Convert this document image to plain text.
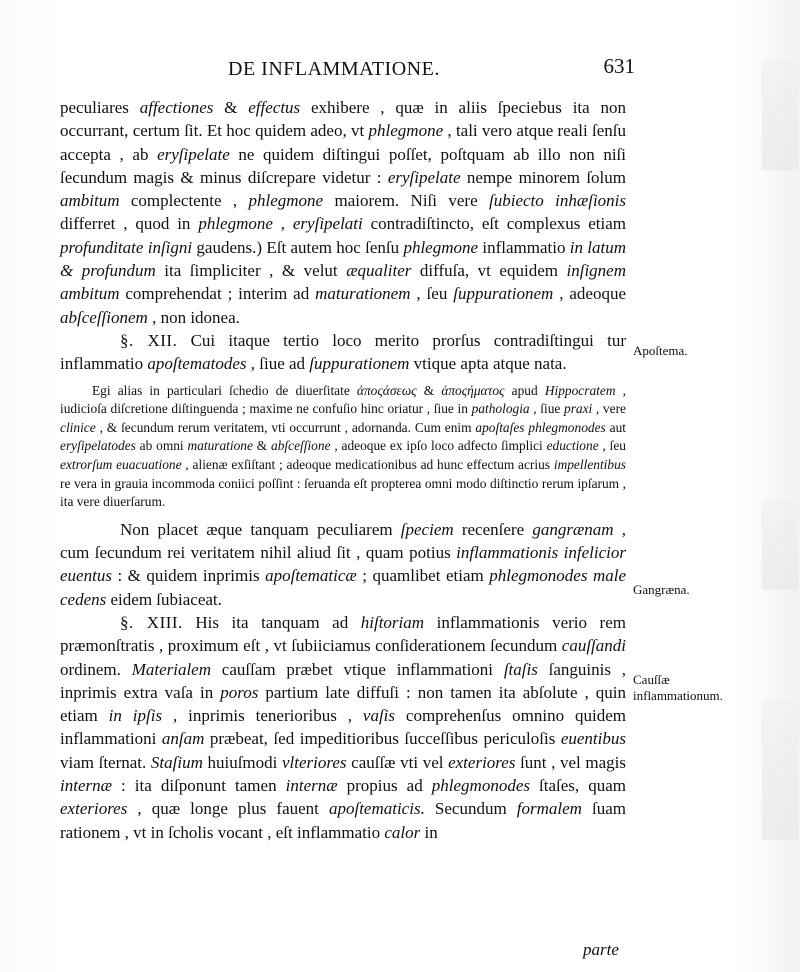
DE INFLAMMATIONE.	631

peculiares affectiones & effectus exhibere , quæ in aliis ſpeciebus ita non occurrant, certum ſit. Et hoc quidem adeo, vt phlegmone , tali vero atque reali ſenſu accepta , ab eryſipelate ne quidem diſtingui poſſet, poſtquam ab illo non niſi ſecundum magis & minus diſcrepare videtur : eryſipelate nempe minorem ſolum ambitum complectente , phlegmone maiorem. Niſi vere ſubiecto inhæſionis differret , quod in phlegmone , eryſipelati contradiſtincto, eſt complexus etiam profunditate inſigni gaudens.) Eſt autem hoc ſenſu phlegmone inflammatio in latum & profundum ita ſimpliciter , & velut æqualiter diffuſa, vt equidem inſignem ambitum comprehendat ; interim ad maturationem , ſeu ſuppurationem , adeoque abſceſſionem , non idonea.

§. XII. Cui itaque tertio loco merito prorſus contradiſtingui tur inflammatio apoſtematodes , ſiue ad ſuppurationem vtique apta atque nata.

Egi alias in particulari ſchedio de diuerſitate ἀποςάσεως & ἀποςήματος apud Hippocratem , iudicioſa diſcretione diſtinguenda ; maxime ne confuſio hinc oriatur , ſiue in pathologia , ſiue praxi , vere clinice , & ſecundum rerum veritatem, vti occurrunt , adornanda. Cum enim apoſtaſes phlegmonodes aut eryſipelatodes ab omni maturatione & abſceſſione , adeoque ex ipſo loco adfecto ſimplici eductione , ſeu extrorſum euacuatione , alienæ exſiſtant ; adeoque medicationibus ad hunc effectum acrius impellentibus re vera in grauia incommoda coniici poſſint : ſeruanda eſt propterea omni modo diſtinctio rerum ipſarum , ita vere diuerſarum.

Non placet æque tanquam peculiarem ſpeciem recenſere gangrænam , cum ſecundum rei veritatem nihil aliud ſit , quam potius inflammationis infelicior euentus : & quidem inprimis apoſtematicæ ; quamlibet etiam phlegmonodes male cedens eidem ſubiaceat.

§. XIII. His ita tanquam ad hiſtoriam inflammationis verio rem præmonſtratis , proximum eſt , vt ſubiiciamus conſiderationem ſecundum cauſſandi ordinem. Materialem cauſſam præbet vtique inflammationi ſtaſis ſanguinis , inprimis extra vaſa in poros partium late diffuſi : non tamen ita abſolute , quin etiam in ipſis , inprimis tenerioribus , vaſis comprehenſus omnino quidem inflammationi anſam præbeat, ſed impeditioribus ſucceſſibus periculoſis euentibus viam ſternat. Staſium huiuſmodi vlteriores cauſſæ vti vel exteriores ſunt , vel magis internæ : ita diſponunt tamen internæ propius ad phlegmonodes ſtaſes, quam exteriores , quæ longe plus fauent apoſtematicis. Secundum formalem ſuam rationem , vt in ſcholis vocant , eſt inflammatio calor in

Apoſtema.
Gangræna.
Cauſſæ inflammationum.
parte
